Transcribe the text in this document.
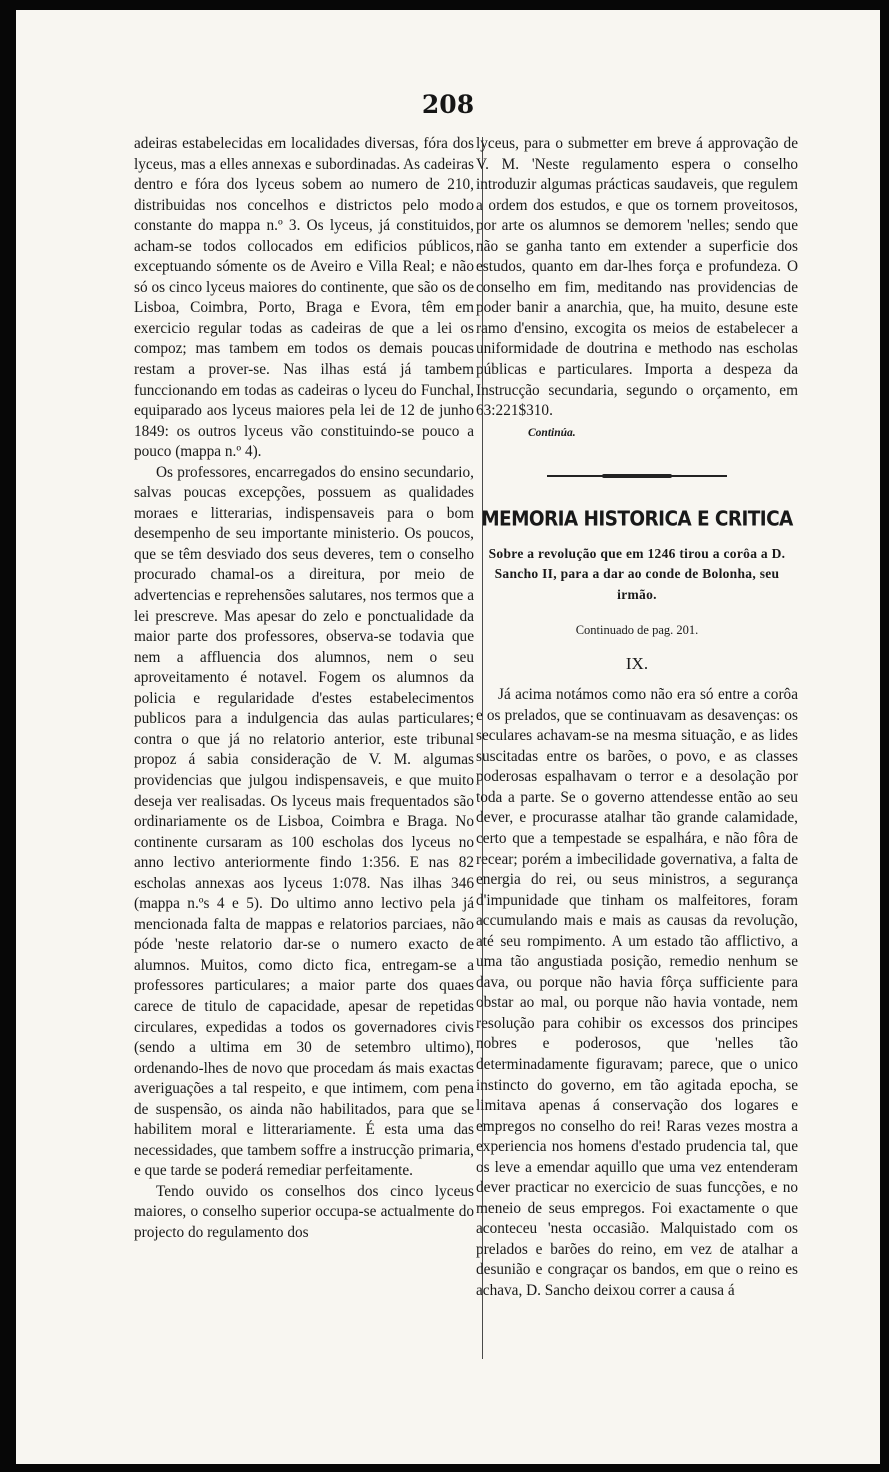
208

adeiras estabelecidas em localidades diversas, fóra dos lyceus, mas a elles annexas e subordinadas. As cadeiras dentro e fóra dos lyceus sobem ao numero de 210, distribuidas nos concelhos e districtos pelo modo constante do mappa n.º 3. Os lyceus, já constituidos, acham-se todos collocados em edificios públicos, exceptuando sómente os de Aveiro e Villa Real; e não só os cinco lyceus maiores do continente, que são os de Lisboa, Coimbra, Porto, Braga e Evora, têm em exercicio regular todas as cadeiras de que a lei os compoz; mas tambem em todos os demais poucas restam a prover-se. Nas ilhas está já tambem funccionando em todas as cadeiras o lyceu do Funchal, equiparado aos lyceus maiores pela lei de 12 de junho 1849: os outros lyceus vão constituindo-se pouco a pouco (mappa n.º 4).

Os professores, encarregados do ensino secundario, salvas poucas excepções, possuem as qualidades moraes e litterarias, indispensaveis para o bom desempenho de seu importante ministerio. Os poucos, que se têm desviado dos seus deveres, tem o conselho procurado chamal-os a direitura, por meio de advertencias e reprehensões salutares, nos termos que a lei prescreve. Mas apesar do zelo e ponctualidade da maior parte dos professores, observa-se todavia que nem a affluencia dos alumnos, nem o seu aproveitamento é notavel. Fogem os alumnos da policia e regularidade d'estes estabelecimentos publicos para a indulgencia das aulas particulares; contra o que já no relatorio anterior, este tribunal propoz á sabia consideração de V. M. algumas providencias que julgou indispensaveis, e que muito deseja ver realisadas. Os lyceus mais frequentados são ordinariamente os de Lisboa, Coimbra e Braga. No continente cursaram as 100 escholas dos lyceus no anno lectivo anteriormente findo 1:356. E nas 82 escholas annexas aos lyceus 1:078. Nas ilhas 346 (mappa n.ºs 4 e 5). Do ultimo anno lectivo pela já mencionada falta de mappas e relatorios parciaes, não póde 'neste relatorio dar-se o numero exacto de alumnos. Muitos, como dicto fica, entregam-se a professores particulares; a maior parte dos quaes carece de titulo de capacidade, apesar de repetidas circulares, expedidas a todos os governadores civis (sendo a ultima em 30 de setembro ultimo), ordenando-lhes de novo que procedam ás mais exactas averiguações a tal respeito, e que intimem, com pena de suspensão, os ainda não habilitados, para que se habilitem moral e litterariamente. É esta uma das necessidades, que tambem soffre a instrucção primaria, e que tarde se poderá remediar perfeitamente.

Tendo ouvido os conselhos dos cinco lyceus maiores, o conselho superior occupa-se actualmente do projecto do regulamento dos

lyceus, para o submetter em breve á approvação de V. M. 'Neste regulamento espera o conselho introduzir algumas prácticas saudaveis, que regulem a ordem dos estudos, e que os tornem proveitosos, por arte os alumnos se demorem 'nelles; sendo que não se ganha tanto em extender a superficie dos estudos, quanto em dar-lhes força e profundeza. O conselho em fim, meditando nas providencias de poder banir a anarchia, que, ha muito, desune este ramo d'ensino, excogita os meios de estabelecer a uniformidade de doutrina e methodo nas escholas públicas e particulares. Importa a despeza da Instrucção secundaria, segundo o orçamento, em 63:221$310.

Continúa.

MEMORIA HISTORICA E CRITICA

Sobre a revolução que em 1246 tirou a corôa a D. Sancho II, para a dar ao conde de Bolonha, seu irmão.

Continuado de pag. 201.

IX.

Já acima notámos como não era só entre a corôa e os prelados, que se continuavam as desavenças: os seculares achavam-se na mesma situação, e as lides suscitadas entre os barões, o povo, e as classes poderosas espalhavam o terror e a desolação por toda a parte. Se o governo attendesse então ao seu dever, e procurasse atalhar tão grande calamidade, certo que a tempestade se espalhára, e não fôra de recear; porém a imbecilidade governativa, a falta de energia do rei, ou seus ministros, a segurança d'impunidade que tinham os malfeitores, foram accumulando mais e mais as causas da revolução, até seu rompimento. A um estado tão afflictivo, a uma tão angustiada posição, remedio nenhum se dava, ou porque não havia fôrça sufficiente para obstar ao mal, ou porque não havia vontade, nem resolução para cohibir os excessos dos principes nobres e poderosos, que 'nelles tão determinadamente figuravam; parece, que o unico instincto do governo, em tão agitada epocha, se limitava apenas á conservação dos logares e empregos no conselho do rei! Raras vezes mostra a experiencia nos homens d'estado prudencia tal, que os leve a emendar aquillo que uma vez entenderam dever practicar no exercicio de suas funcções, e no meneio de seus empregos. Foi exactamente o que aconteceu 'nesta occasião. Malquistado com os prelados e barões do reino, em vez de atalhar a desunião e congraçar os bandos, em que o reino es achava, D. Sancho deixou correr a causa á
